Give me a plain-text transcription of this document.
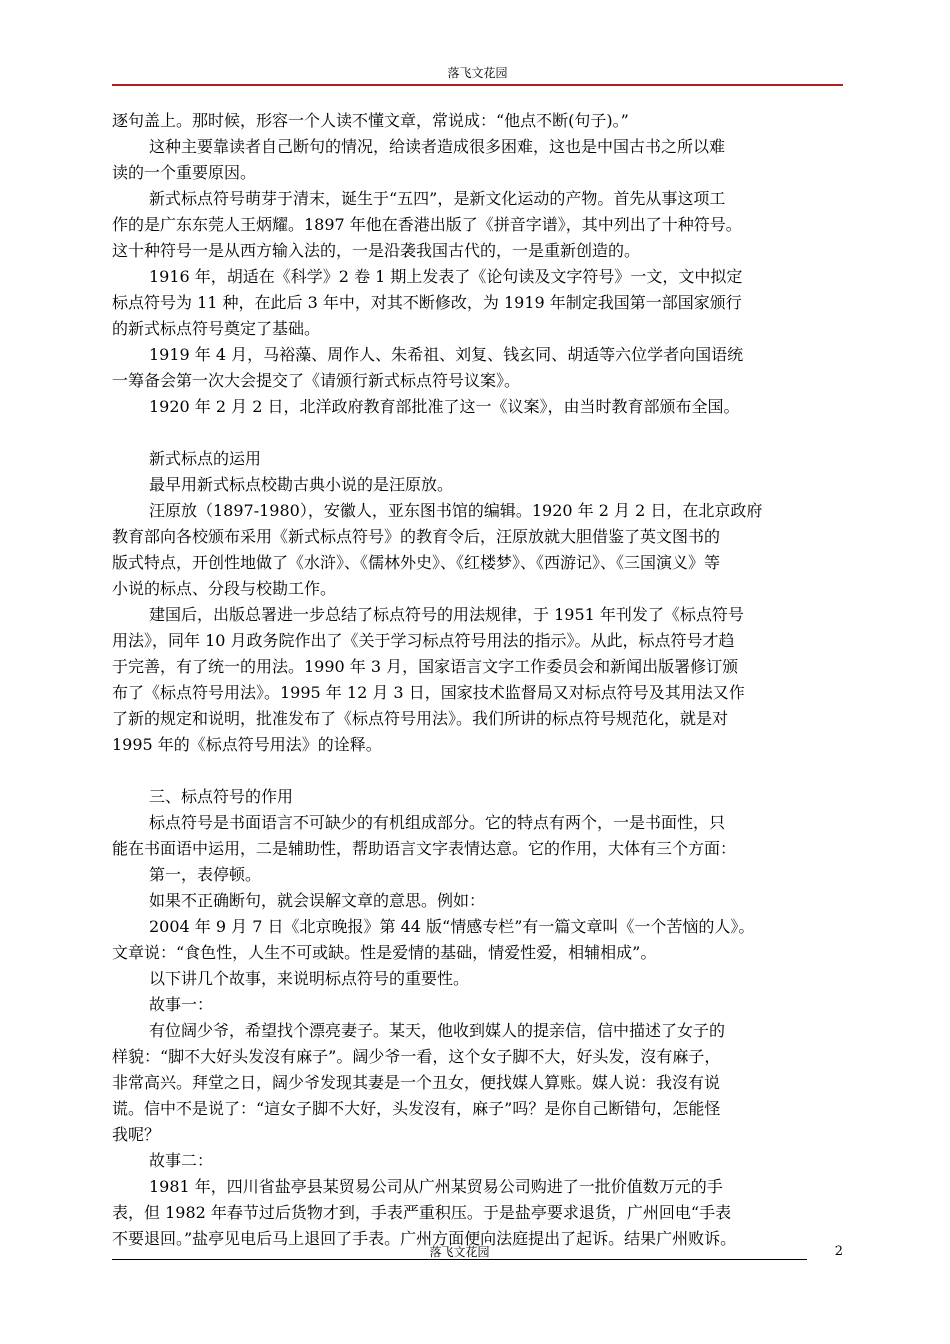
落飞文花园

逐句盖上。那时候，形容一个人读不懂文章，常说成：“他点不断(句子)。”

这种主要靠读者自己断句的情况，给读者造成很多困难，这也是中国古书之所以难

读的一个重要原因。

新式标点符号萌芽于清末，诞生于“五四”，是新文化运动的产物。首先从事这项工

作的是广东东莞人王炳耀。1897 年他在香港出版了《拼音字谱》，其中列出了十种符号。

这十种符号一是从西方输入法的，一是沿袭我国古代的，一是重新创造的。

1916 年，胡适在《科学》2 卷 1 期上发表了《论句读及文字符号》一文，文中拟定

标点符号为 11 种，在此后 3 年中，对其不断修改，为 1919 年制定我国第一部国家颁行

的新式标点符号奠定了基础。

1919 年 4 月，马裕藻、周作人、朱希祖、刘复、钱玄同、胡适等六位学者向国语统

一筹备会第一次大会提交了《请颁行新式标点符号议案》。

1920 年 2 月 2 日，北洋政府教育部批准了这一《议案》，由当时教育部颁布全国。

新式标点的运用

最早用新式标点校勘古典小说的是汪原放。

汪原放（1897-1980），安徽人，亚东图书馆的编辑。1920 年 2 月 2 日，在北京政府

教育部向各校颁布采用《新式标点符号》的教育令后，汪原放就大胆借鉴了英文图书的

版式特点，开创性地做了《水浒》、《儒林外史》、《红楼梦》、《西游记》、《三国演义》等

小说的标点、分段与校勘工作。

建国后，出版总署进一步总结了标点符号的用法规律，于 1951 年刊发了《标点符号

用法》，同年 10 月政务院作出了《关于学习标点符号用法的指示》。从此，标点符号才趋

于完善，有了统一的用法。1990 年 3 月，国家语言文字工作委员会和新闻出版署修订颁

布了《标点符号用法》。1995 年 12 月 3 日，国家技术监督局又对标点符号及其用法又作

了新的规定和说明，批准发布了《标点符号用法》。我们所讲的标点符号规范化，就是对

1995 年的《标点符号用法》的诠释。

三、标点符号的作用

标点符号是书面语言不可缺少的有机组成部分。它的特点有两个，一是书面性，只

能在书面语中运用，二是辅助性，帮助语言文字表情达意。它的作用，大体有三个方面：

第一，表停顿。

如果不正确断句，就会误解文章的意思。例如：

2004 年 9 月 7 日《北京晚报》第 44 版“情感专栏”有一篇文章叫《一个苦恼的人》。

文章说：“食色性，人生不可或缺。性是爱情的基础，情爱性爱，相辅相成”。

以下讲几个故事，来说明标点符号的重要性。

故事一：

有位阔少爷，希望找个漂亮妻子。某天，他收到媒人的提亲信，信中描述了女子的

样貌：“脚不大好头发沒有麻子”。阔少爷一看，这个女子脚不大，好头发，沒有麻子，

非常高兴。拜堂之日，阔少爷发现其妻是一个丑女，便找媒人算账。媒人说：我沒有说

谎。信中不是说了：“這女子脚不大好，头发沒有，麻子”吗？是你自己断错句，怎能怪

我呢？

故事二：

1981 年，四川省盐亭县某贸易公司从广州某贸易公司购进了一批价值数万元的手

表，但 1982 年春节过后货物才到，手表严重积压。于是盐亭要求退货，广州回电“手表

不要退回。”盐亭见电后马上退回了手表。广州方面便向法庭提出了起诉。结果广州败诉。

落飞文花园	2
